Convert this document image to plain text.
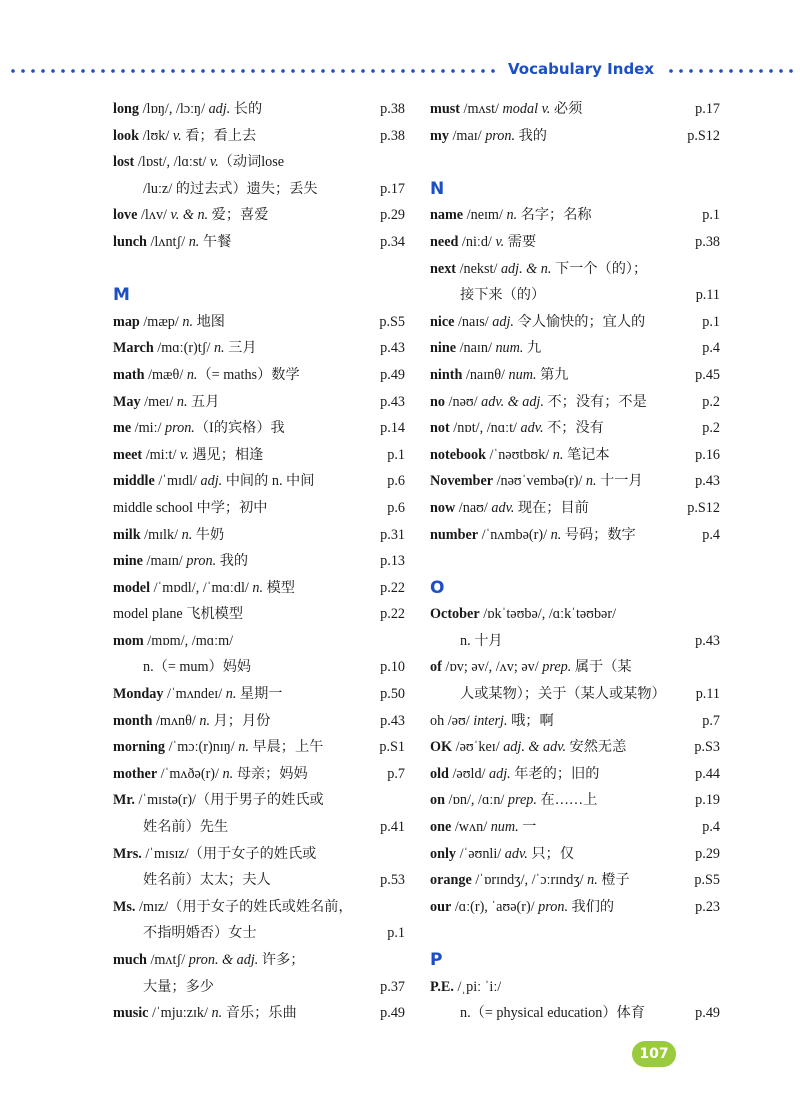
Vocabulary Index
long /lɒŋ/, /lɔːŋ/ adj. 长的	p.38
look /lʊk/ v. 看；看上去	p.38
lost /lɒst/, /lɑːst/ v.（动词lose
/luːz/ 的过去式）遗失；丢失	p.17
love /lʌv/ v. & n. 爱；喜爱	p.29
lunch /lʌntʃ/ n. 午餐	p.34
M
map /mæp/ n. 地图	p.S5
March /mɑː(r)tʃ/ n. 三月	p.43
math /mæθ/ n.（= maths）数学	p.49
May /meɪ/ n. 五月	p.43
me /miː/ pron.（I的宾格）我	p.14
meet /miːt/ v. 遇见；相逢	p.1
middle /ˈmɪdl/ adj. 中间的 n. 中间	p.6
middle school 中学；初中	p.6
milk /mɪlk/ n. 牛奶	p.31
mine /maɪn/ pron. 我的	p.13
model /ˈmɒdl/, /ˈmɑːdl/ n. 模型	p.22
model plane 飞机模型	p.22
mom /mɒm/, /mɑːm/
n.（= mum）妈妈	p.10
Monday /ˈmʌndeɪ/ n. 星期一	p.50
month /mʌnθ/ n. 月；月份	p.43
morning /ˈmɔː(r)nɪŋ/ n. 早晨；上午	p.S1
mother /ˈmʌðə(r)/ n. 母亲；妈妈	p.7
Mr. /ˈmɪstə(r)/（用于男子的姓氏或
姓名前）先生	p.41
Mrs. /ˈmɪsɪz/（用于女子的姓氏或
姓名前）太太；夫人	p.53
Ms. /mɪz/（用于女子的姓氏或姓名前，
不指明婚否）女士	p.1
much /mʌtʃ/ pron. & adj. 许多；
大量；多少	p.37
music /ˈmjuːzɪk/ n. 音乐；乐曲	p.49
must /mʌst/ modal v. 必须	p.17
my /maɪ/ pron. 我的	p.S12
N
name /neɪm/ n. 名字；名称	p.1
need /niːd/ v. 需要	p.38
next /nekst/ adj. & n. 下一个（的）；
接下来（的）	p.11
nice /naɪs/ adj. 令人愉快的；宜人的	p.1
nine /naɪn/ num. 九	p.4
ninth /naɪnθ/ num. 第九	p.45
no /nəʊ/ adv. & adj. 不；没有；不是	p.2
not /nɒt/, /nɑːt/ adv. 不；没有	p.2
notebook /ˈnəʊtbʊk/ n. 笔记本	p.16
November /nəʊˈvembə(r)/ n. 十一月	p.43
now /naʊ/ adv. 现在；目前	p.S12
number /ˈnʌmbə(r)/ n. 号码；数字	p.4
O
October /ɒkˈtəʊbə/, /ɑːkˈtəʊbər/
n. 十月	p.43
of /ɒv; əv/, /ʌv; əv/ prep. 属于（某
人或某物）；关于（某人或某物） p.11
oh /əʊ/ interj. 哦；啊	p.7
OK /əʊˈkeɪ/ adj. & adv. 安然无恙	p.S3
old /əʊld/ adj. 年老的；旧的	p.44
on /ɒn/, /ɑːn/ prep. 在……上	p.19
one /wʌn/ num. 一	p.4
only /ˈəʊnli/ adv. 只；仅	p.29
orange /ˈɒrɪndʒ/, /ˈɔːrɪndʒ/ n. 橙子	p.S5
our /ɑː(r), ˈaʊə(r)/ pron. 我们的	p.23
P
P.E. /ˌpiː ˈiː/
n.（= physical education）体育	p.49
107
